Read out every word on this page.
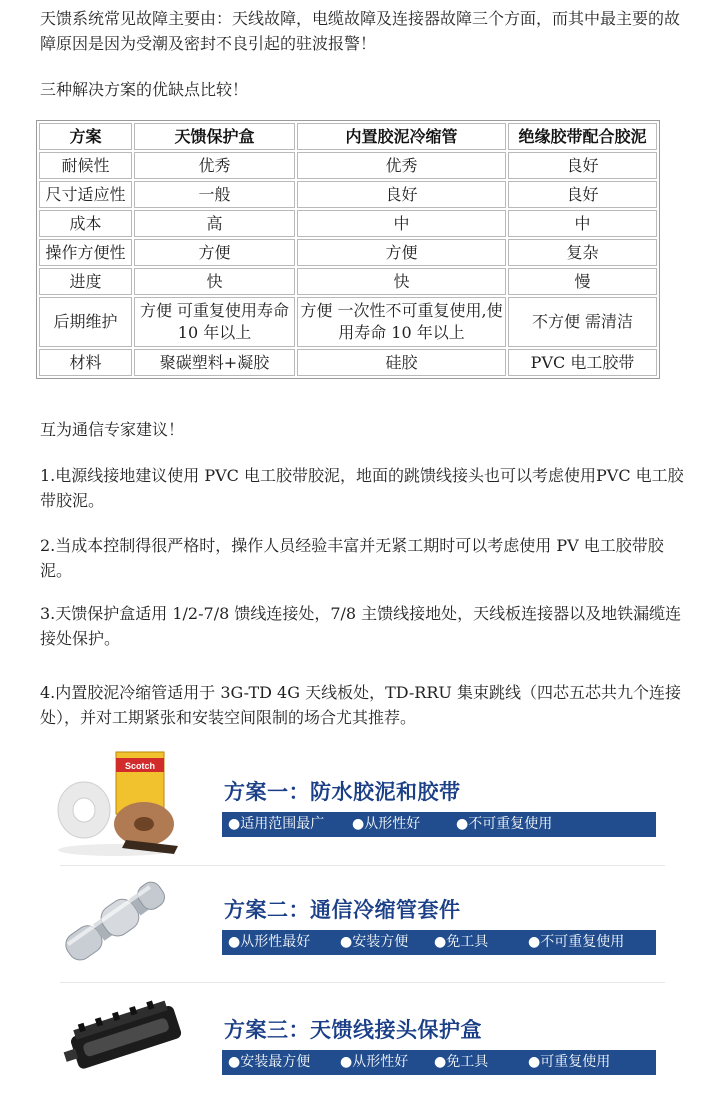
天馈系统常见故障主要由：天线故障，电缆故障及连接器故障三个方面，而其中最主要的故障原因是因为受潮及密封不良引起的驻波报警！

三种解决方案的优缺点比较！

方案	天馈保护盒	内置胶泥冷缩管	绝缘胶带配合胶泥
耐候性	优秀	优秀	良好
尺寸适应性	一般	良好	良好
成本	高	中	中
操作方便性	方便	方便	复杂
进度	快	快	慢
后期维护	方便 可重复使用寿命 10 年以上	方便 一次性不可重复使用,使用寿命 10 年以上	不方便 需清洁
材料	聚碳塑料+凝胶	硅胶	PVC 电工胶带

互为通信专家建议！

1.电源线接地建议使用 PVC 电工胶带胶泥，地面的跳馈线接头也可以考虑使用PVC 电工胶带胶泥。

2.当成本控制得很严格时，操作人员经验丰富并无紧工期时可以考虑使用 PV 电工胶带胶泥。

3.天馈保护盒适用 1/2-7/8 馈线连接处，7/8 主馈线接地处，天线板连接器以及地铁漏缆连接处保护。

4.内置胶泥冷缩管适用于 3G-TD 4G 天线板处，TD-RRU 集束跳线（四芯五芯共九个连接处），并对工期紧张和安装空间限制的场合尤其推荐。

Scotch
方案一：防水胶泥和胶带
●适用范围最广 ●从形性好	●不可重复使用
方案二：通信冷缩管套件
●从形性最好 ●安装方便 ●免工具	●不可重复使用
方案三：天馈线接头保护盒
●安装最方便 ●从形性好 ●免工具	●可重复使用
